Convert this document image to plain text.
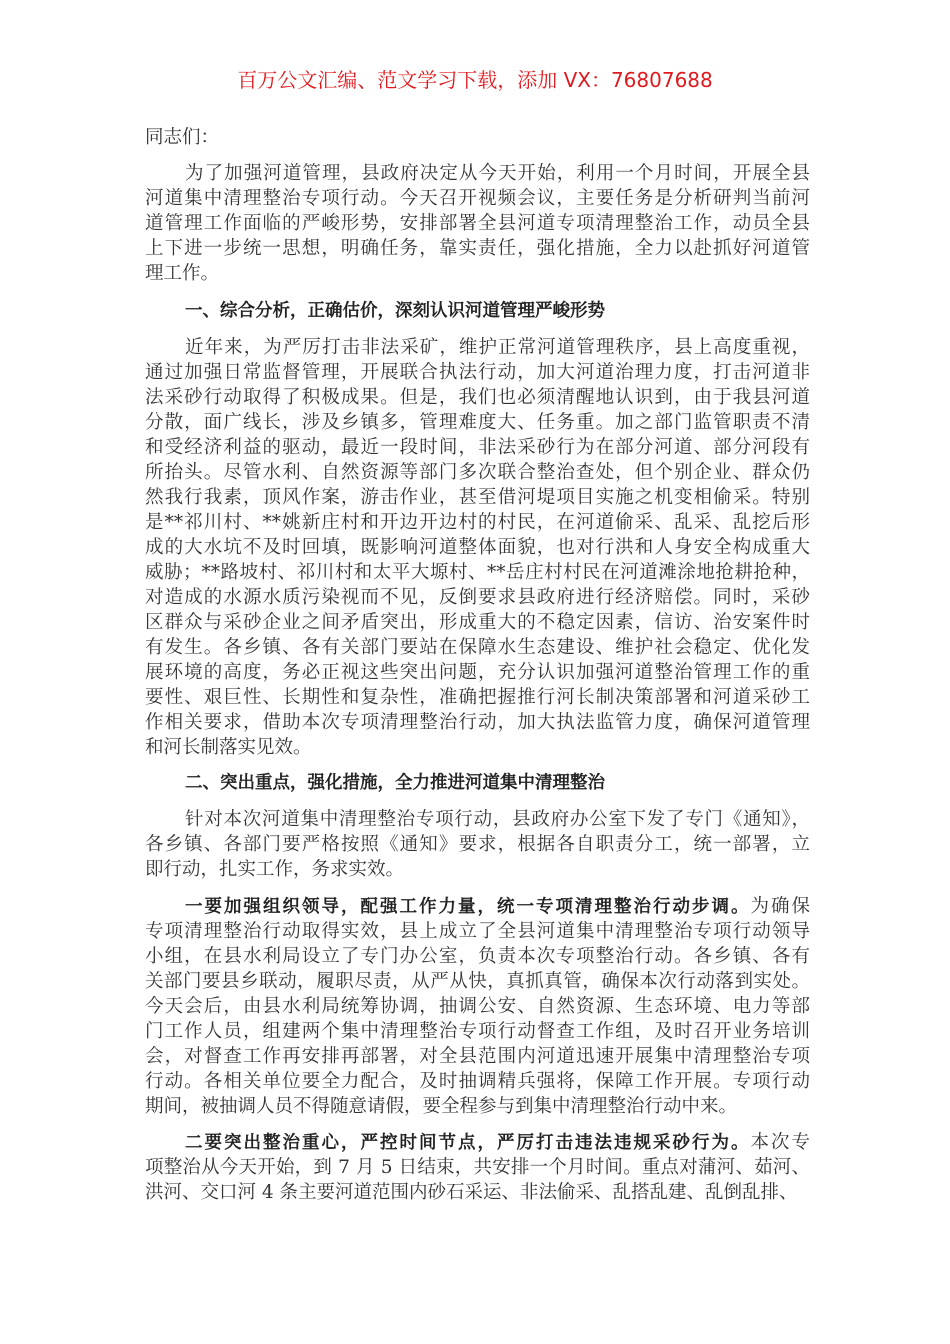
百万公文汇编、范文学习下载，添加 VX：76807688
同志们：
为了加强河道管理，县政府决定从今天开始，利用一个月时间，开展全县
河道集中清理整治专项行动。今天召开视频会议，主要任务是分析研判当前河
道管理工作面临的严峻形势，安排部署全县河道专项清理整治工作，动员全县
上下进一步统一思想，明确任务，靠实责任，强化措施，全力以赴抓好河道管
理工作。
一、综合分析，正确估价，深刻认识河道管理严峻形势
近年来，为严厉打击非法采矿，维护正常河道管理秩序，县上高度重视，
通过加强日常监督管理，开展联合执法行动，加大河道治理力度，打击河道非
法采砂行动取得了积极成果。但是，我们也必须清醒地认识到，由于我县河道
分散，面广线长，涉及乡镇多，管理难度大、任务重。加之部门监管职责不清
和受经济利益的驱动，最近一段时间，非法采砂行为在部分河道、部分河段有
所抬头。尽管水利、自然资源等部门多次联合整治查处，但个别企业、群众仍
然我行我素，顶风作案，游击作业，甚至借河堤项目实施之机变相偷采。特别
是**祁川村、**姚新庄村和开边开边村的村民，在河道偷采、乱采、乱挖后形
成的大水坑不及时回填，既影响河道整体面貌，也对行洪和人身安全构成重大
威胁；**路坡村、祁川村和太平大塬村、**岳庄村村民在河道滩涂地抢耕抢种，
对造成的水源水质污染视而不见，反倒要求县政府进行经济赔偿。同时，采砂
区群众与采砂企业之间矛盾突出，形成重大的不稳定因素，信访、治安案件时
有发生。各乡镇、各有关部门要站在保障水生态建设、维护社会稳定、优化发
展环境的高度，务必正视这些突出问题，充分认识加强河道整治管理工作的重
要性、艰巨性、长期性和复杂性，准确把握推行河长制决策部署和河道采砂工
作相关要求，借助本次专项清理整治行动，加大执法监管力度，确保河道管理
和河长制落实见效。
二、突出重点，强化措施，全力推进河道集中清理整治
针对本次河道集中清理整治专项行动，县政府办公室下发了专门《通知》，
各乡镇、各部门要严格按照《通知》要求，根据各自职责分工，统一部署，立
即行动，扎实工作，务求实效。
一要加强组织领导，配强工作力量，统一专项清理整治行动步调。为确保
专项清理整治行动取得实效，县上成立了全县河道集中清理整治专项行动领导
小组，在县水利局设立了专门办公室，负责本次专项整治行动。各乡镇、各有
关部门要县乡联动，履职尽责，从严从快，真抓真管，确保本次行动落到实处。
今天会后，由县水利局统筹协调，抽调公安、自然资源、生态环境、电力等部
门工作人员，组建两个集中清理整治专项行动督查工作组，及时召开业务培训
会，对督查工作再安排再部署，对全县范围内河道迅速开展集中清理整治专项
行动。各相关单位要全力配合，及时抽调精兵强将，保障工作开展。专项行动
期间，被抽调人员不得随意请假，要全程参与到集中清理整治行动中来。
二要突出整治重心，严控时间节点，严厉打击违法违规采砂行为。本次专
项整治从今天开始，到 7 月 5 日结束，共安排一个月时间。重点对蒲河、茹河、
洪河、交口河 4 条主要河道范围内砂石采运、非法偷采、乱搭乱建、乱倒乱排、
